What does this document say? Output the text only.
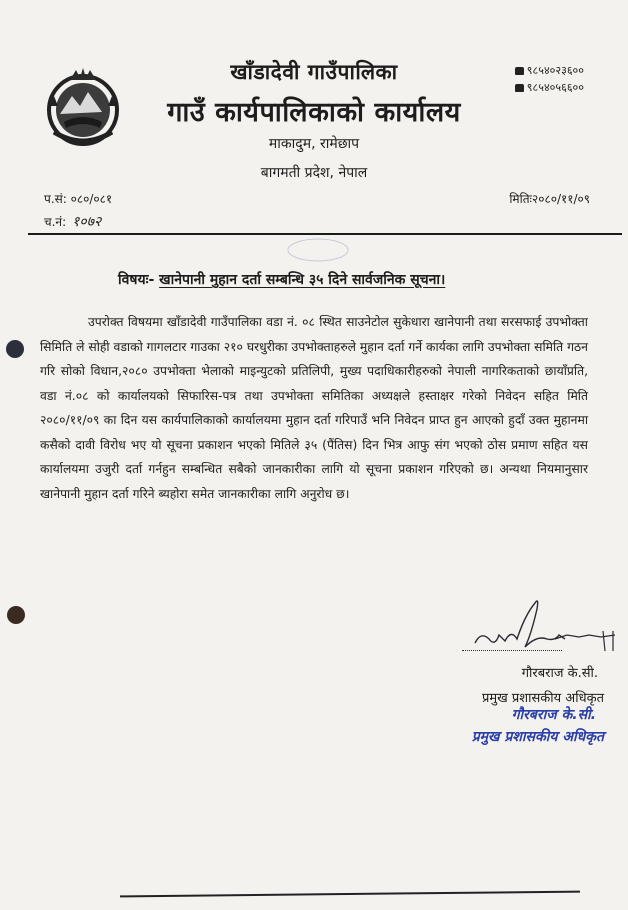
खाँडादेवी गाउँपालिका
गाउँ कार्यपालिकाको कार्यालय
माकादुम, रामेछाप
बागमती प्रदेश, नेपाल
९८५४०२३६००
९८५४०५६६००
प.सं: ०८०/०८१
च.नं: १०७२
मितिः२०८०/११/०९
विषयः- खानेपानी मुहान दर्ता सम्बन्धि ३५ दिने सार्वजनिक सूचना।
उपरोक्त विषयमा खाँडादेवी गाउँपालिका वडा नं. ०८ स्थित साउनेटोल सुकेधारा खानेपानी तथा सरसफाई उपभोक्ता सिमिति ले सोही वडाको गागलटार गाउका २१० घरधुरीका उपभोक्ताहरुले मुहान दर्ता गर्ने कार्यका लागि उपभोक्ता समिति गठन गरि सोको विधान,२०८० उपभोक्ता भेलाको माइन्युटको प्रतिलिपी, मुख्य पदाधिकारीहरुको नेपाली नागरिकताको छायाँप्रति, वडा नं.०८ को कार्यालयको सिफारिस-पत्र तथा उपभोक्ता समितिका अध्यक्षले हस्ताक्षर गरेको निवेदन सहित मिति २०८०/११/०९ का दिन यस कार्यपालिकाको कार्यालयमा मुहान दर्ता गरिपाउँ भनि निवेदन प्राप्त हुन आएको हुदाँ उक्त मुहानमा कसैको दावी विरोध भए यो सूचना प्रकाशन भएको मितिले ३५ (पैंतिस) दिन भित्र आफु संग भएको ठोस प्रमाण सहित यस कार्यालयमा उजुरी दर्ता गर्नहुन सम्बन्धित सबैको जानकारीका लागि यो सूचना प्रकाशन गरिएको छ। अन्यथा नियमानुसार खानेपानी मुहान दर्ता गरिने ब्यहोरा समेत जानकारीका लागि अनुरोध छ।
गौरबराज के.सी.
प्रमुख प्रशासकीय अधिकृत
गौरबराज के.सी.
प्रमुख प्रशासकीय अधिकृत
